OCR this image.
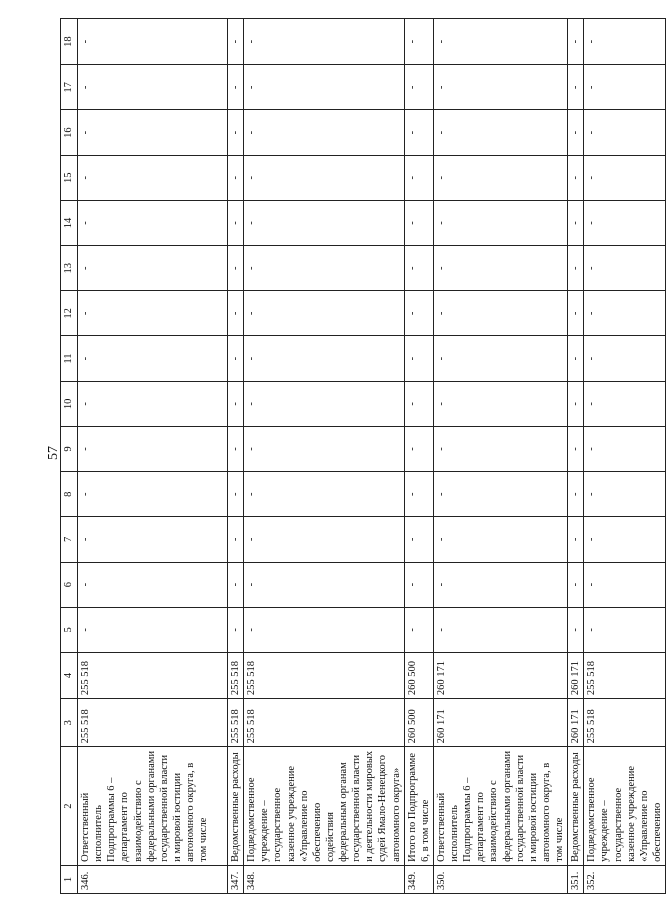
57
1	2	3	4	5	6	7	8	9	10	11	12	13	14	15	16	17	18
346.	Ответственный исполнитель Подпрограммы 6 – департамент по взаимодействию с федеральными органами государственной власти и мировой юстиции автономного округа, в том числе	255 518	255 518	-	-	-	-	-	-	-	-	-	-	-	-	-	-
347.	Ведомственные расходы	255 518	255 518	-	-	-	-	-	-	-	-	-	-	-	-	-	-
348.	Подведомственное учреждение – государственное казенное учреждение «Управление по обеспечению содействия федеральным органам государственной власти и деятельности мировых судей Ямало-Ненецкого автономного округа»	255 518	255 518	-	-	-	-	-	-	-	-	-	-	-	-	-	-
349.	Итого по Подпрограмме 6, в том числе	260 500	260 500	-	-	-	-	-	-	-	-	-	-	-	-	-	-
350.	Ответственный исполнитель Подпрограммы 6 – департамент по взаимодействию с федеральными органами государственной власти и мировой юстиции автономного округа, в том числе	260 171	260 171	-	-	-	-	-	-	-	-	-	-	-	-	-	-
351.	Ведомственные расходы	260 171	260 171	-	-	-	-	-	-	-	-	-	-	-	-	-	-
352.	Подведомственное учреждение – государственное казенное учреждение «Управление по обеспечению	255 518	255 518	-	-	-	-	-	-	-	-	-	-	-	-	-	-
